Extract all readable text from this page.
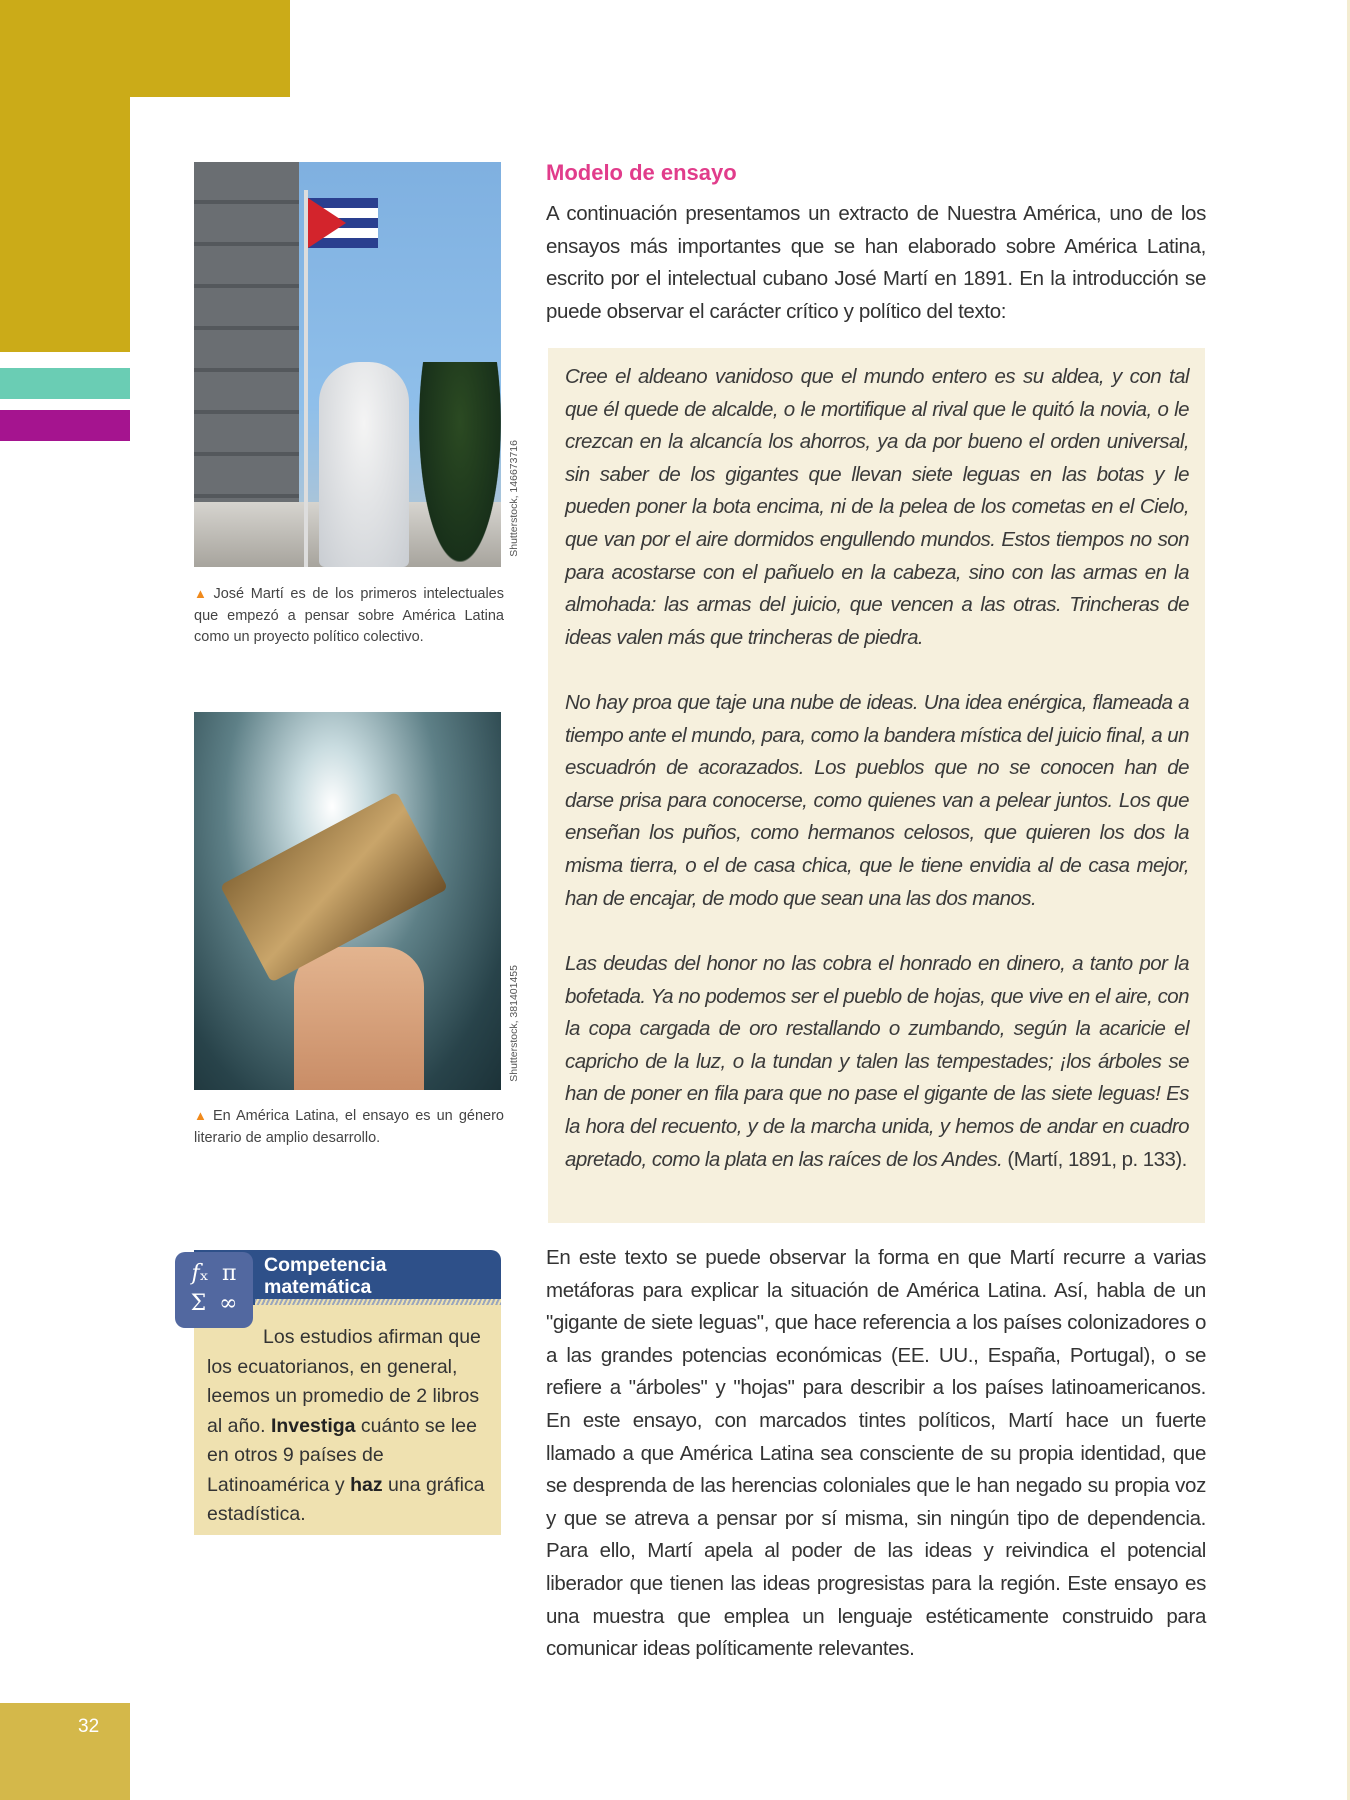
32
Shutterstock, 146673716
▲ José Martí es de los primeros intelectuales que empezó a pensar sobre América Latina como un proyecto político colectivo.
Shutterstock, 381401455
▲ En América Latina, el ensayo es un género literario de amplio desarrollo.
𝑓ₓ π Σ ∞
Competencia
matemática
Los estudios afirman que los ecuatorianos, en general, leemos un promedio de 2 libros al año. Investiga cuánto se lee en otros 9 países de Latinoamérica y haz una gráfica estadística.
Modelo de ensayo
A continuación presentamos un extracto de Nuestra América, uno de los ensayos más importantes que se han elaborado sobre América Latina, escrito por el intelectual cubano José Martí en 1891. En la introducción se puede observar el carácter crítico y político del texto:
Cree el aldeano vanidoso que el mundo entero es su aldea, y con tal que él quede de alcalde, o le mortifique al rival que le quitó la novia, o le crezcan en la alcancía los ahorros, ya da por bueno el orden universal, sin saber de los gigantes que llevan siete leguas en las botas y le pueden poner la bota encima, ni de la pelea de los cometas en el Cielo, que van por el aire dormidos engullendo mundos. Estos tiempos no son para acostarse con el pañuelo en la cabeza, sino con las armas en la almohada: las armas del juicio, que vencen a las otras. Trincheras de ideas valen más que trincheras de piedra.
No hay proa que taje una nube de ideas. Una idea enérgica, flameada a tiempo ante el mundo, para, como la bandera mística del juicio final, a un escuadrón de acorazados. Los pueblos que no se conocen han de darse prisa para conocerse, como quienes van a pelear juntos. Los que enseñan los puños, como hermanos celosos, que quieren los dos la misma tierra, o el de casa chica, que le tiene envidia al de casa mejor, han de encajar, de modo que sean una las dos manos.
Las deudas del honor no las cobra el honrado en dinero, a tanto por la bofetada. Ya no podemos ser el pueblo de hojas, que vive en el aire, con la copa cargada de oro restallando o zumbando, según la acaricie el capricho de la luz, o la tundan y talen las tempestades; ¡los árboles se han de poner en fila para que no pase el gigante de las siete leguas! Es la hora del recuento, y de la marcha unida, y hemos de andar en cuadro apretado, como la plata en las raíces de los Andes. (Martí, 1891, p. 133).
En este texto se puede observar la forma en que Martí recurre a varias metáforas para explicar la situación de América Latina. Así, habla de un "gigante de siete leguas", que hace referencia a los países colonizadores o a las grandes potencias económicas (EE. UU., España, Portugal), o se refiere a "árboles" y "hojas" para describir a los países latinoamericanos. En este ensayo, con marcados tintes políticos, Martí hace un fuerte llamado a que América Latina sea consciente de su propia identidad, que se desprenda de las herencias coloniales que le han negado su propia voz y que se atreva a pensar por sí misma, sin ningún tipo de dependencia. Para ello, Martí apela al poder de las ideas y reivindica el potencial liberador que tienen las ideas progresistas para la región. Este ensayo es una muestra que emplea un lenguaje estéticamente construido para comunicar ideas políticamente relevantes.
